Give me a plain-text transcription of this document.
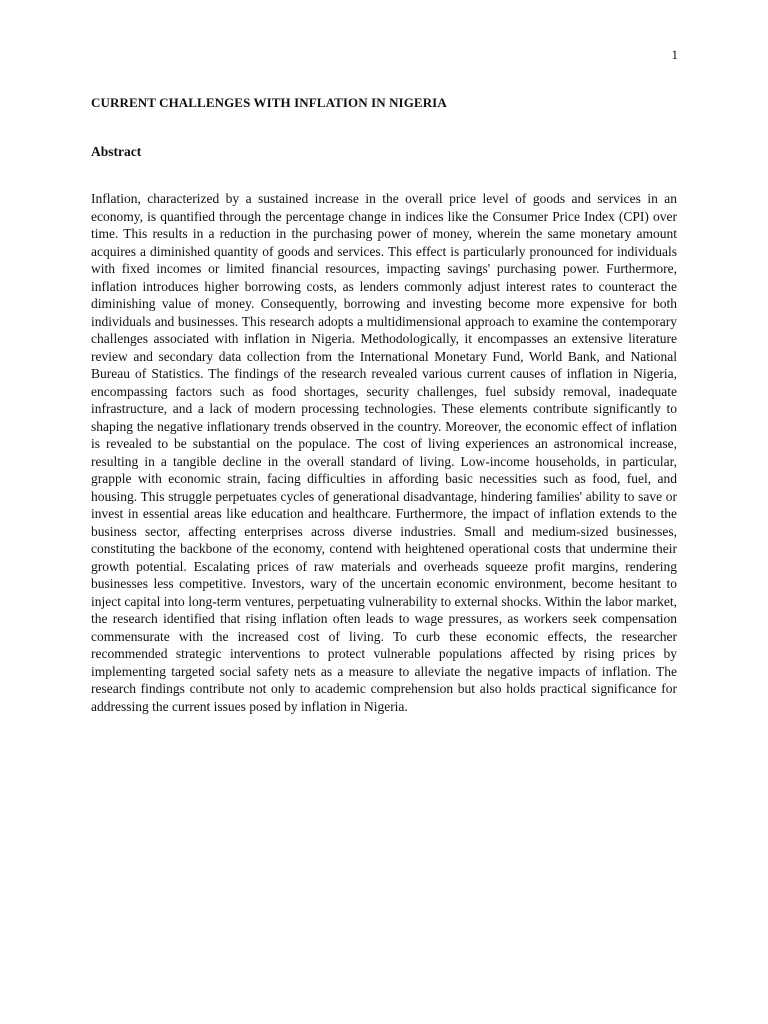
1
CURRENT CHALLENGES WITH INFLATION IN NIGERIA
Abstract

Inflation, characterized by a sustained increase in the overall price level of goods and services in an economy, is quantified through the percentage change in indices like the Consumer Price Index (CPI) over time. This results in a reduction in the purchasing power of money, wherein the same monetary amount acquires a diminished quantity of goods and services. This effect is particularly pronounced for individuals with fixed incomes or limited financial resources, impacting savings' purchasing power. Furthermore, inflation introduces higher borrowing costs, as lenders commonly adjust interest rates to counteract the diminishing value of money. Consequently, borrowing and investing become more expensive for both individuals and businesses. This research adopts a multidimensional approach to examine the contemporary challenges associated with inflation in Nigeria. Methodologically, it encompasses an extensive literature review and secondary data collection from the International Monetary Fund, World Bank, and National Bureau of Statistics. The findings of the research revealed various current causes of inflation in Nigeria, encompassing factors such as food shortages, security challenges, fuel subsidy removal, inadequate infrastructure, and a lack of modern processing technologies. These elements contribute significantly to shaping the negative inflationary trends observed in the country. Moreover, the economic effect of inflation is revealed to be substantial on the populace. The cost of living experiences an astronomical increase, resulting in a tangible decline in the overall standard of living. Low-income households, in particular, grapple with economic strain, facing difficulties in affording basic necessities such as food, fuel, and housing. This struggle perpetuates cycles of generational disadvantage, hindering families' ability to save or invest in essential areas like education and healthcare. Furthermore, the impact of inflation extends to the business sector, affecting enterprises across diverse industries. Small and medium-sized businesses, constituting the backbone of the economy, contend with heightened operational costs that undermine their growth potential. Escalating prices of raw materials and overheads squeeze profit margins, rendering businesses less competitive. Investors, wary of the uncertain economic environment, become hesitant to inject capital into long-term ventures, perpetuating vulnerability to external shocks. Within the labor market, the research identified that rising inflation often leads to wage pressures, as workers seek compensation commensurate with the increased cost of living. To curb these economic effects, the researcher recommended strategic interventions to protect vulnerable populations affected by rising prices by implementing targeted social safety nets as a measure to alleviate the negative impacts of inflation. The research findings contribute not only to academic comprehension but also holds practical significance for addressing the current issues posed by inflation in Nigeria.
